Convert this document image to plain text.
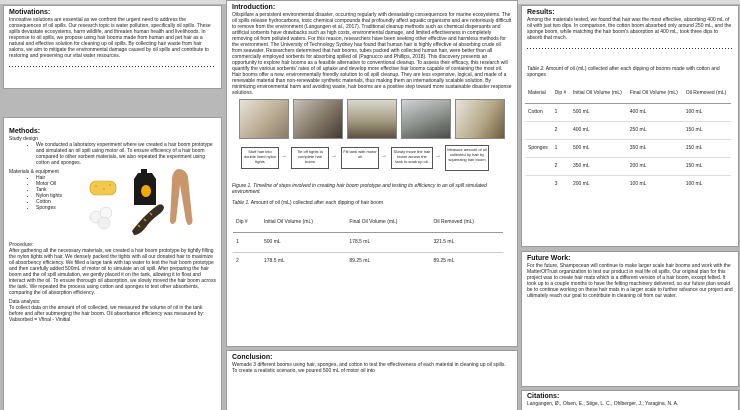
Motivations:
Innovative solutions are essential as we confront the urgent need to address the consequences of oil spills. Our research topic is water pollution, specifically oil spills. These spills devastate ecosystems, harm wildlife, and threaten human health and livelihoods. In response to oil spills, we propose using hair booms made from human and pet hair as a natural and effective solution for cleaning up oil spills. By collecting hair waste from hair salons, we aim to mitigate the environmental damage caused by oil spills and contribute to restoring and preserving our vital water resources.
Methods:
Study design
• We conducted a laboratory experiment where we created a hair boom prototype and simulated an oil spill using motor oil. To ensure efficiency of a hair boom compared to other sorbent materials, we also repeated the experiment using cotton and sponges.
Materials & equipment
• Hair
• Motor Oil
• Tank
• Nylon tights
• Cotton
• Sponges
Procedure:
After gathering all the necessary materials, we created a hair boom prototype by tightly filling the nylon tights with hair. We densely packed the tights with all our donated hair to maximize oil absorbency efficiency. We filled a large tank with tap water to test the hair boom prototype and then carefully added 500mL of motor oil to simulate an oil spill. After preparing the hair boom and the oil spill simulation, we gently placed it on the tank, allowing it to float and interact with the oil. To ensure thorough oil absorption, we slowly moved the hair boom across the tank. We repeated the process using cotton and sponges to test other absorbents, comparing the oil absorption efficiency.
Data analysis:
To collect data on the amount of oil collected, we measured the volume of oil in the tank before and after submerging the hair boom. Oil absorbance efficiency was measured by: Vabsorbed = Vfinal - Vinitial
Introduction:
Oilspillare a persistent environmental disaster, occurring regularly with devastating consequences for marine ecosystems. The oil spills release hydrocarbons, toxic chemical compounds that profoundly affect aquatic organisms and are notoriously difficult to remove from the environment (Langangen et al., 2017). Traditional cleanup methods such as chemical dispersants and artificial sorbents have drawbacks such as high costs, environmental damage, and limited effectiveness in completely removing oil from polluted waters. For this reason, researchers have been seeking other effective and harmless methods for the environment. The University of Technology Sydney has found that human hair is highly effective at absorbing crude oil from seawater. Researchers determined that hair booms, tubes packed with collected human hair, were better than all commercially employed sorbents for absorbing spilled oil (Pagnucco and Phillips, 2018). This discovery presents an opportunity to explore hair booms as a feasible alternative to conventional cleanup. To assess their efficacy, this research will quantify the various sorbents' rates of oil uptake and develop more effective hair booms capable of containing the most oil. Hair booms offer a new, environmentally friendly solution to oil spill cleanup. They are less expensive, logical, and made of a renewable material than non-renewable synthetic materials, thus making them an internationally scalable solution. By minimizing environmental harm and avoiding waste, hair booms are a positive step toward more sustainable disaster response solutions.
Stuff hair into double lined nylon tights
→
Tie off tights to complete hair boom
→
Fill tank with motor oil	→
Slowly move the hair boom across the tank to soak up oil.
→
Measure amount of oil collected by hair by squeezing hair boom
Figure 1. Timeline of steps involved in creating hair boom prototype and testing its efficiency in an oil spill simulated environment.
Table 1. Amount of oil (mL) collected after each dipping of hair boom
Dip #	Initial Oil Volume (mL)	Final Oil Volume (mL)	Oil Removed (mL)
1	500 mL	178.5 mL	321.5 mL
2	178.5 mL	89.25 mL	89.25 mL
Conclusion:
Wemade 3 different booms using hair, sponges, and cotton to test the effectiveness of each material in cleaning up oil spills. To create a realistic scenario, we poured 500 mL of motor oil into
Results:
Among the materials tested, we found that hair was the most effective, absorbing 400 mL of oil with just two dips. In comparison, the cotton boom absorbed only around 250 mL, and the sponge boom, while matching the hair boom's absorption at 400 mL, took three dips to absorb that much.
Table 2. Amount of oil (mL) collected after each dipping of booms made with cotton and sponges
Material	Dip #	Initial Oil Volume (mL)	Final Oil Volume (mL)	Oil Removed (mL)
Cotton	1	500 mL	400 mL	100 mL
	2	400 mL	250 mL	150 mL
Sponges	1	500 mL	350 mL	150 mL
	2	350 mL	200 mL	150 mL
	3	200 mL	100 mL	100 mL
Future Work:
For the future, Shampocean will continue to make larger scale hair booms and work with the MatterOfTrust organization to test our product in real life oil spills. Our original plan for this project was to create hair mats which is a different version of a hair boom, except felted. It took up to a couple months to have the felting machinery delivered, so our future plan would be to continue working on these hair mats in a larger scale to further advance our project and ultimately reach our goal to contribute in cleaning oil from our water.
Citations:
Langangen, Ø., Olsen, E., Stige, L. C., Ohlberger, J., Yaragina, N. A.
